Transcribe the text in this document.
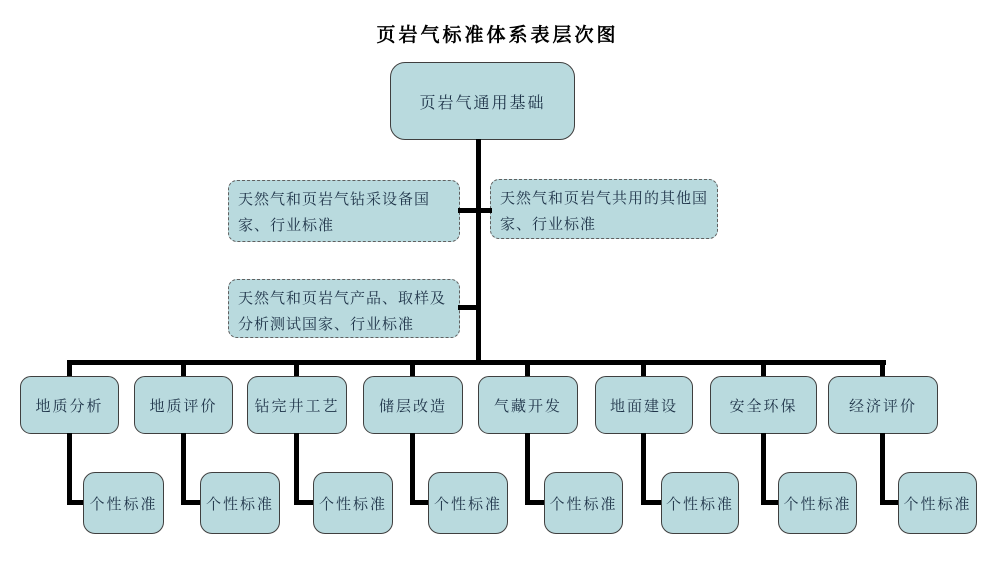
页岩气标准体系表层次图
页岩气通用基础
天然气和页岩气钻采设备国家、行业标准
天然气和页岩气共用的其他国家、行业标准
天然气和页岩气产品、取样及分析测试国家、行业标准
地质分析
个性标准
地质评价
个性标准
钻完井工艺
个性标准
储层改造
个性标准
气藏开发
个性标准
地面建设
个性标准
安全环保
个性标准
经济评价
个性标准
